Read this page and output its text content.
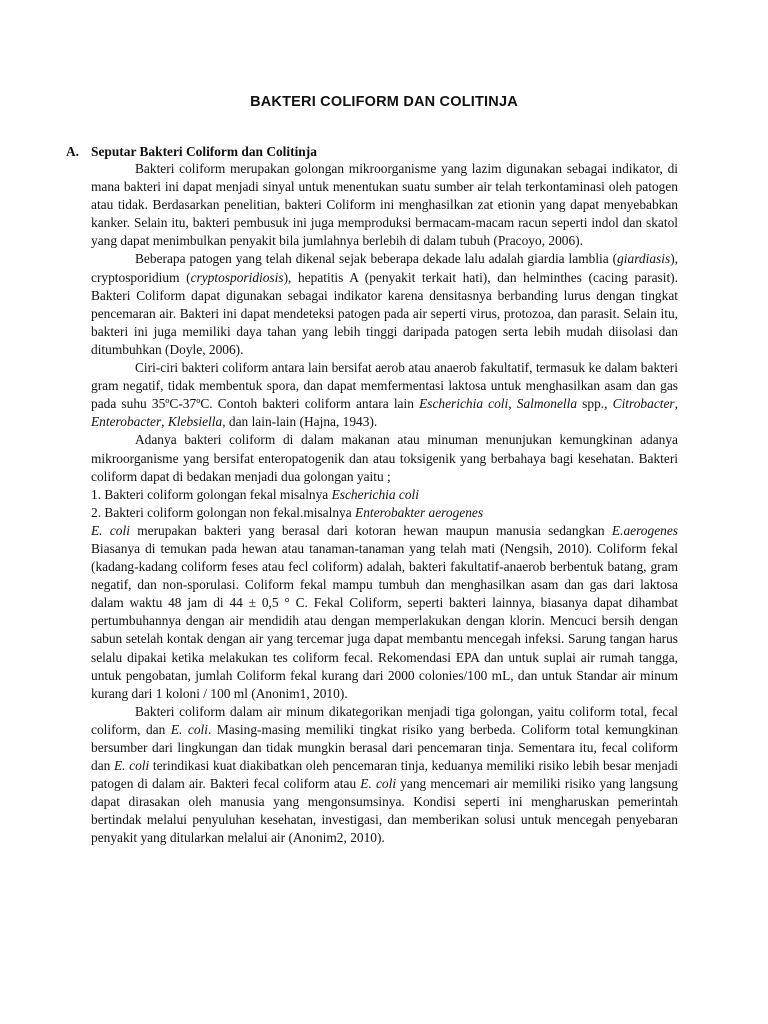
BAKTERI COLIFORM DAN COLITINJA
A. Seputar Bakteri Coliform dan Colitinja

Bakteri coliform merupakan golongan mikroorganisme yang lazim digunakan sebagai indikator, di mana bakteri ini dapat menjadi sinyal untuk menentukan suatu sumber air telah terkontaminasi oleh patogen atau tidak. Berdasarkan penelitian, bakteri Coliform ini menghasilkan zat etionin yang dapat menyebabkan kanker. Selain itu, bakteri pembusuk ini juga memproduksi bermacam-macam racun seperti indol dan skatol yang dapat menimbulkan penyakit bila jumlahnya berlebih di dalam tubuh (Pracoyo, 2006).

Beberapa patogen yang telah dikenal sejak beberapa dekade lalu adalah giardia lamblia (giardiasis), cryptosporidium (cryptosporidiosis), hepatitis A (penyakit terkait hati), dan helminthes (cacing parasit). Bakteri Coliform dapat digunakan sebagai indikator karena densitasnya berbanding lurus dengan tingkat pencemaran air. Bakteri ini dapat mendeteksi patogen pada air seperti virus, protozoa, dan parasit. Selain itu, bakteri ini juga memiliki daya tahan yang lebih tinggi daripada patogen serta lebih mudah diisolasi dan ditumbuhkan (Doyle, 2006).

Ciri-ciri bakteri coliform antara lain bersifat aerob atau anaerob fakultatif, termasuk ke dalam bakteri gram negatif, tidak membentuk spora, dan dapat memfermentasi laktosa untuk menghasilkan asam dan gas pada suhu 35ºC-37ºC. Contoh bakteri coliform antara lain Escherichia coli, Salmonella spp., Citrobacter, Enterobacter, Klebsiella, dan lain-lain (Hajna, 1943).

Adanya bakteri coliform di dalam makanan atau minuman menunjukan kemungkinan adanya mikroorganisme yang bersifat enteropatogenik dan atau toksigenik yang berbahaya bagi kesehatan. Bakteri coliform dapat di bedakan menjadi dua golongan yaitu ;

1. Bakteri coliform golongan fekal misalnya Escherichia coli

2. Bakteri coliform golongan non fekal.misalnya Enterobakter aerogenes

E. coli merupakan bakteri yang berasal dari kotoran hewan maupun manusia sedangkan E.aerogenes Biasanya di temukan pada hewan atau tanaman-tanaman yang telah mati (Nengsih, 2010). Coliform fekal (kadang-kadang coliform feses atau fecl coliform) adalah, bakteri fakultatif-anaerob berbentuk batang, gram negatif, dan non-sporulasi. Coliform fekal mampu tumbuh dan menghasilkan asam dan gas dari laktosa dalam waktu 48 jam di 44 ± 0,5 ° C. Fekal Coliform, seperti bakteri lainnya, biasanya dapat dihambat pertumbuhannya dengan air mendidih atau dengan memperlakukan dengan klorin. Mencuci bersih dengan sabun setelah kontak dengan air yang tercemar juga dapat membantu mencegah infeksi. Sarung tangan harus selalu dipakai ketika melakukan tes coliform fecal. Rekomendasi EPA dan untuk suplai air rumah tangga, untuk pengobatan, jumlah Coliform fekal kurang dari 2000 colonies/100 mL, dan untuk Standar air minum kurang dari 1 koloni / 100 ml (Anonim1, 2010).

Bakteri coliform dalam air minum dikategorikan menjadi tiga golongan, yaitu coliform total, fecal coliform, dan E. coli. Masing-masing memiliki tingkat risiko yang berbeda. Coliform total kemungkinan bersumber dari lingkungan dan tidak mungkin berasal dari pencemaran tinja. Sementara itu, fecal coliform dan E. coli terindikasi kuat diakibatkan oleh pencemaran tinja, keduanya memiliki risiko lebih besar menjadi patogen di dalam air. Bakteri fecal coliform atau E. coli yang mencemari air memiliki risiko yang langsung dapat dirasakan oleh manusia yang mengonsumsinya. Kondisi seperti ini mengharuskan pemerintah bertindak melalui penyuluhan kesehatan, investigasi, dan memberikan solusi untuk mencegah penyebaran penyakit yang ditularkan melalui air (Anonim2, 2010).
